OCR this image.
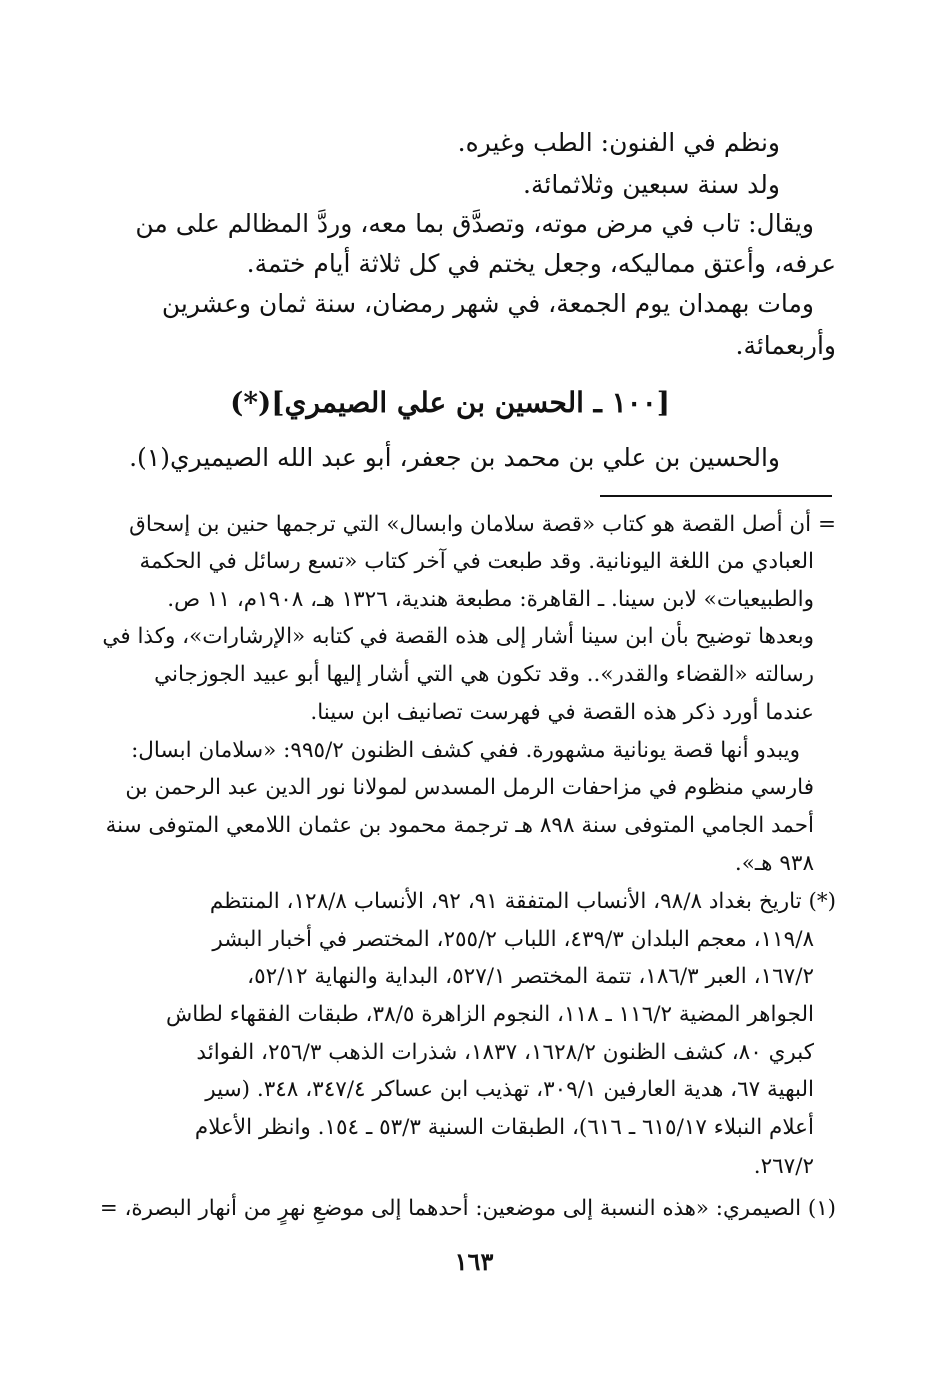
ونظم في الفنون: الطب وغيره.

ولد سنة سبعين وثلاثمائة.

ويقال: تاب في مرض موته، وتصدَّق بما معه، وردَّ المظالم على من

عرفه، وأعتق مماليكه، وجعل يختم في كل ثلاثة أيام ختمة.

ومات بهمدان يوم الجمعة، في شهر رمضان، سنة ثمان وعشرين

وأربعمائة.

[١٠٠ ـ الحسين بن علي الصيمري](*)

والحسين بن علي بن محمد بن جعفر، أبو عبد الله الصيميري(١).

= أن أصل القصة هو كتاب «قصة سلامان وابسال» التي ترجمها حنين بن إسحاق

العبادي من اللغة اليونانية. وقد طبعت في آخر كتاب «تسع رسائل في الحكمة

والطبيعيات» لابن سينا. ـ القاهرة: مطبعة هندية، ١٣٢٦ هـ، ١٩٠٨م، ١١ ص.

وبعدها توضيح بأن ابن سينا أشار إلى هذه القصة في كتابه «الإرشارات»، وكذا في

رسالته «القضاء والقدر».. وقد تكون هي التي أشار إليها أبو عبيد الجوزجاني

عندما أورد ذكر هذه القصة في فهرست تصانيف ابن سينا.

ويبدو أنها قصة يونانية مشهورة. ففي كشف الظنون ٩٩٥/٢: «سلامان ابسال:

فارسي منظوم في مزاحفات الرمل المسدس لمولانا نور الدين عبد الرحمن بن

أحمد الجامي المتوفى سنة ٨٩٨ هـ ترجمة محمود بن عثمان اللامعي المتوفى سنة

٩٣٨ هـ».

(*) تاريخ بغداد ٩٨/٨، الأنساب المتفقة ٩١، ٩٢، الأنساب ١٢٨/٨، المنتظم

١١٩/٨، معجم البلدان ٤٣٩/٣، اللباب ٢٥٥/٢، المختصر في أخبار البشر

١٦٧/٢، العبر ١٨٦/٣، تتمة المختصر ٥٢٧/١، البداية والنهاية ٥٢/١٢،

الجواهر المضية ١١٦/٢ ـ ١١٨، النجوم الزاهرة ٣٨/٥، طبقات الفقهاء لطاش

كبري ٨٠، كشف الظنون ١٦٢٨/٢، ١٨٣٧، شذرات الذهب ٢٥٦/٣، الفوائد

البهية ٦٧، هدية العارفين ٣٠٩/١، تهذيب ابن عساكر ٣٤٧/٤، ٣٤٨. (سير

أعلام النبلاء ٦١٥/١٧ ـ ٦١٦)، الطبقات السنية ٥٣/٣ ـ ١٥٤. وانظر الأعلام

٢٦٧/٢.

(١) الصيمري: «هذه النسبة إلى موضعين: أحدهما إلى موضعِ نهرٍ من أنهار البصرة، =

١٦٣
